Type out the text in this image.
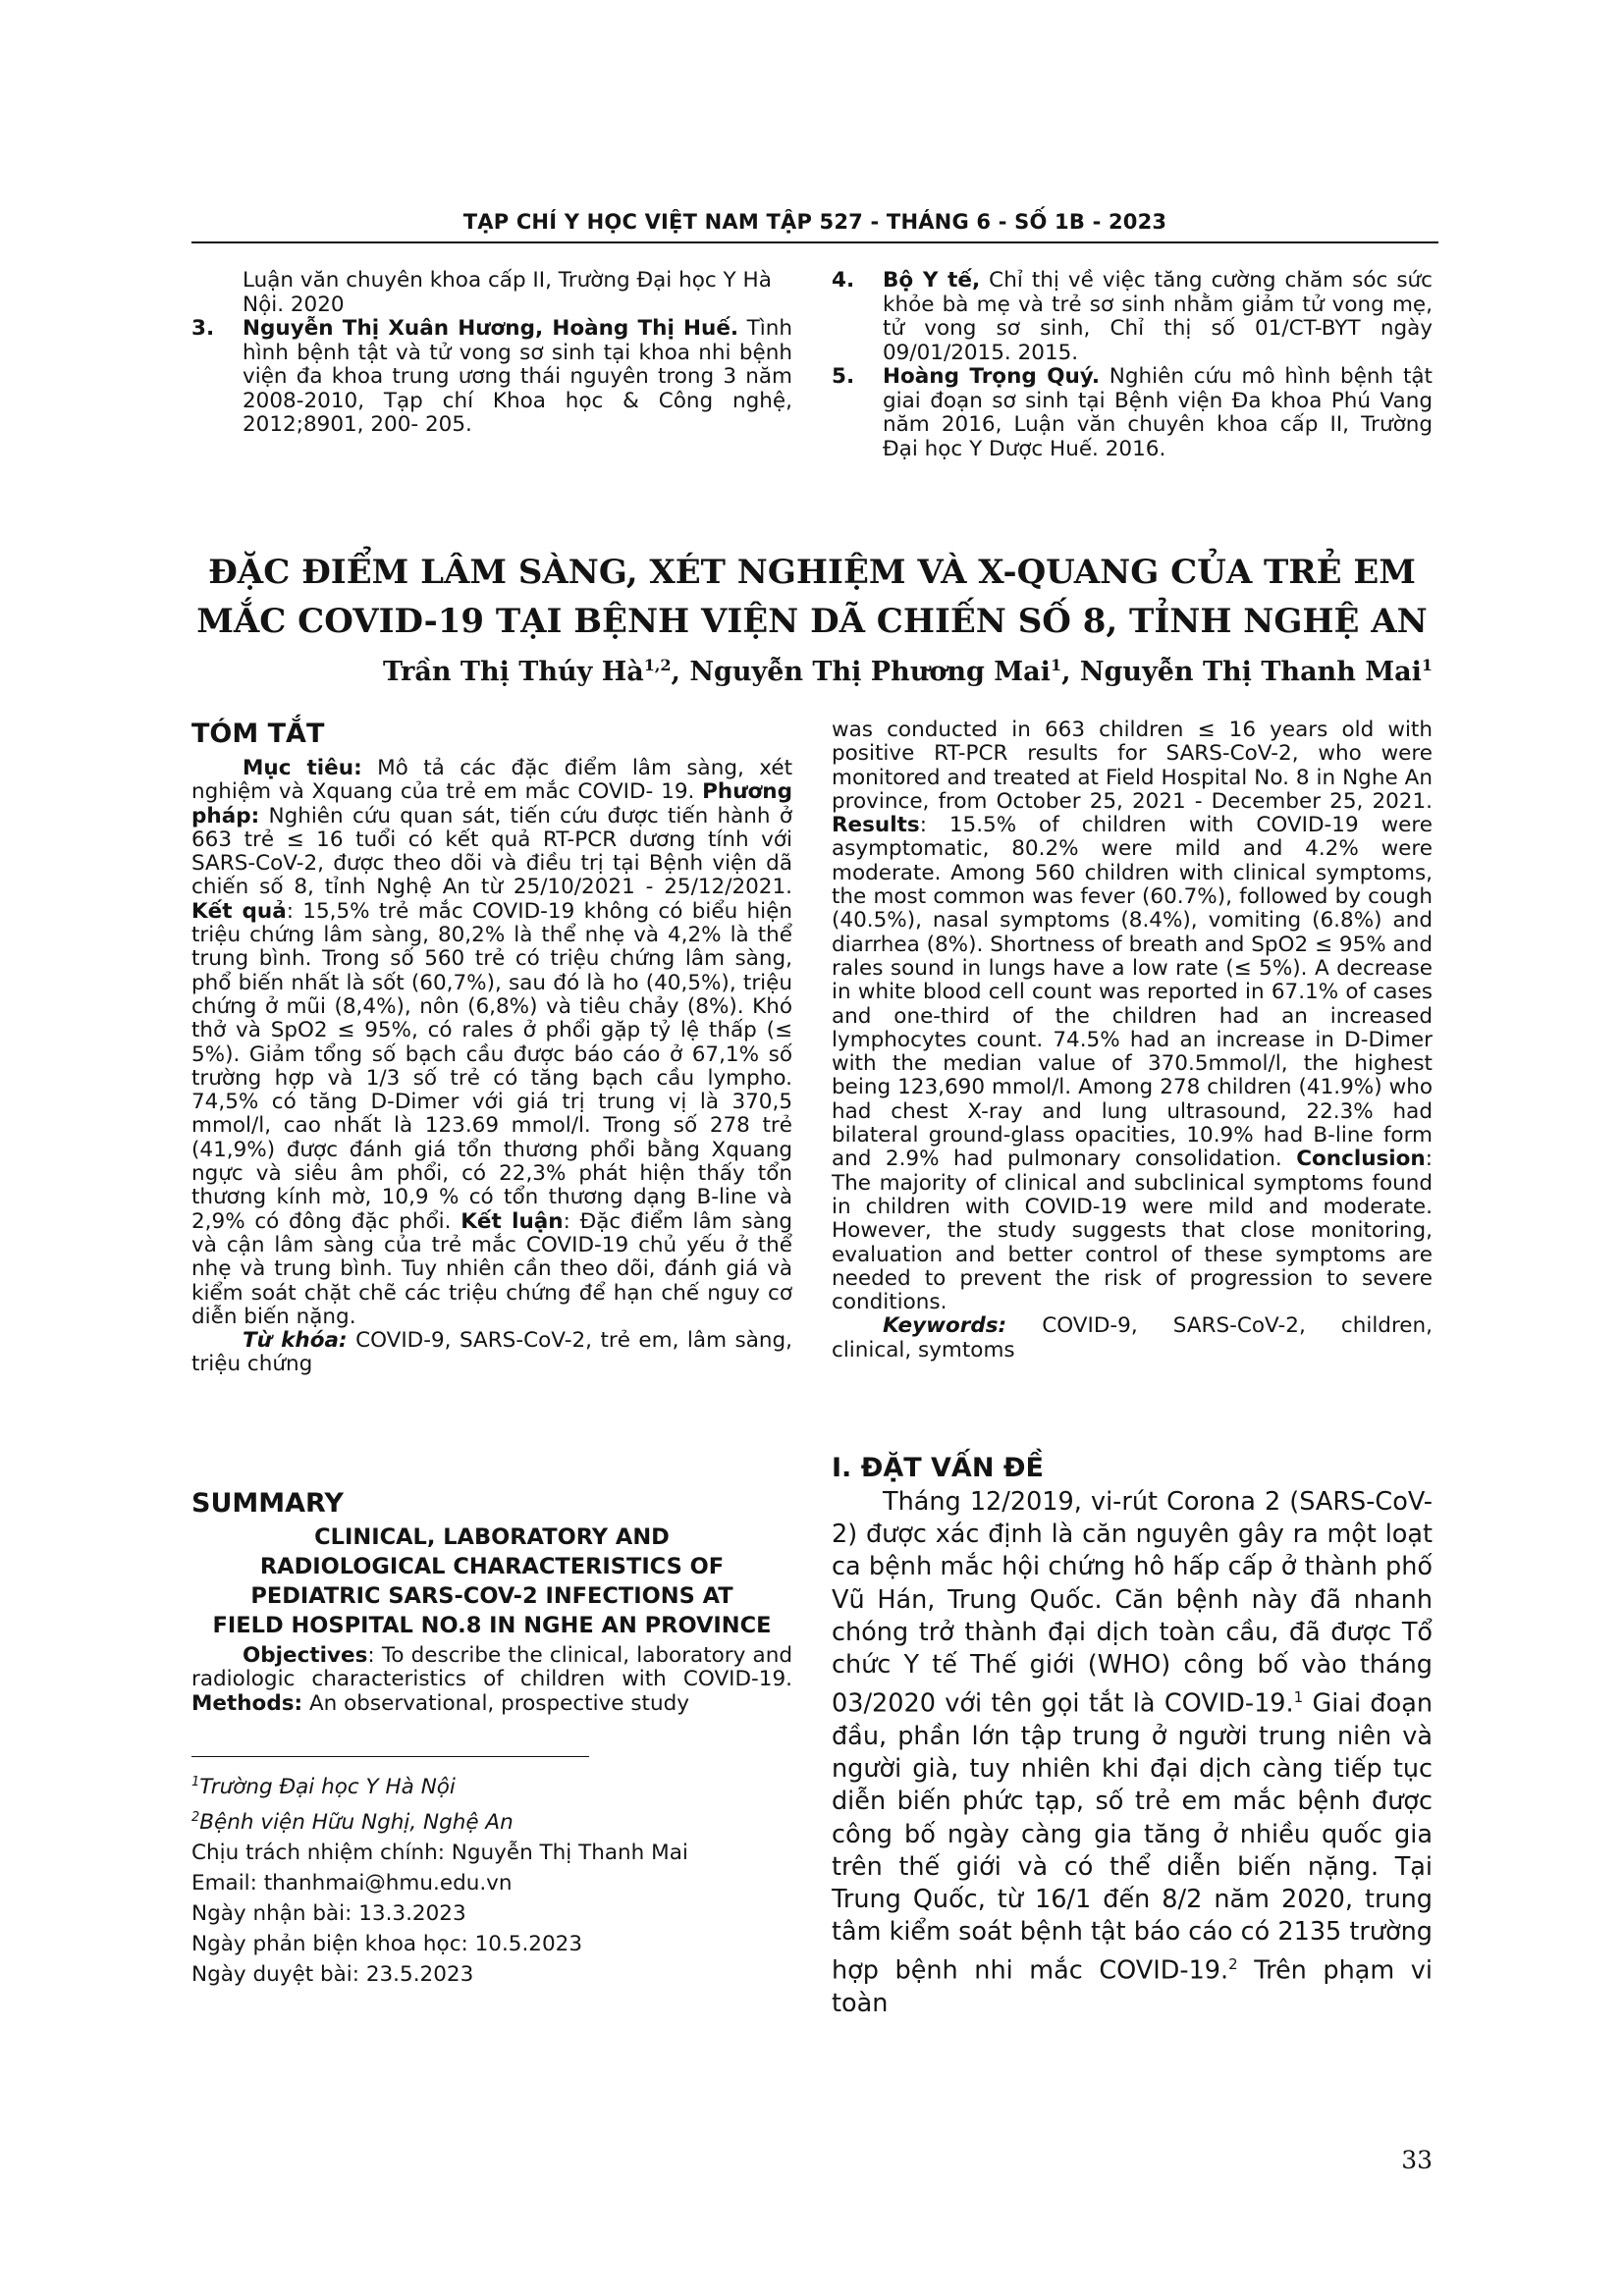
TẠP CHÍ Y HỌC VIỆT NAM TẬP 527 - THÁNG 6 - SỐ 1B - 2023

Luận văn chuyên khoa cấp II, Trường Đại học Y Hà Nội. 2020

3. Nguyễn Thị Xuân Hương, Hoàng Thị Huế. Tình hình bệnh tật và tử vong sơ sinh tại khoa nhi bệnh viện đa khoa trung ương thái nguyên trong 3 năm 2008-2010, Tạp chí Khoa học & Công nghệ, 2012;8901, 200- 205.

4. Bộ Y tế, Chỉ thị về việc tăng cường chăm sóc sức khỏe bà mẹ và trẻ sơ sinh nhằm giảm tử vong mẹ, tử vong sơ sinh, Chỉ thị số 01/CT-BYT ngày 09/01/2015. 2015.

5. Hoàng Trọng Quý. Nghiên cứu mô hình bệnh tật giai đoạn sơ sinh tại Bệnh viện Đa khoa Phú Vang năm 2016, Luận văn chuyên khoa cấp II, Trường Đại học Y Dược Huế. 2016.

ĐẶC ĐIỂM LÂM SÀNG, XÉT NGHIỆM VÀ X-QUANG CỦA TRẺ EM
MẮC COVID-19 TẠI BỆNH VIỆN DÃ CHIẾN SỐ 8, TỈNH NGHỆ AN
Trần Thị Thúy Hà$^{1,2}$, Nguyễn Thị Phương Mai$^1$, Nguyễn Thị Thanh Mai$^1$
TÓM TẮT

Mục tiêu: Mô tả các đặc điểm lâm sàng, xét nghiệm và Xquang của trẻ em mắc COVID- 19. Phương pháp: Nghiên cứu quan sát, tiến cứu được tiến hành ở 663 trẻ ≤ 16 tuổi có kết quả RT-PCR dương tính với SARS-CoV-2, được theo dõi và điều trị tại Bệnh viện dã chiến số 8, tỉnh Nghệ An từ 25/10/2021 - 25/12/2021. Kết quả: 15,5% trẻ mắc COVID-19 không có biểu hiện triệu chứng lâm sàng, 80,2% là thể nhẹ và 4,2% là thể trung bình. Trong số 560 trẻ có triệu chứng lâm sàng, phổ biến nhất là sốt (60,7%), sau đó là ho (40,5%), triệu chứng ở mũi (8,4%), nôn (6,8%) và tiêu chảy (8%). Khó thở và SpO2 ≤ 95%, có rales ở phổi gặp tỷ lệ thấp (≤ 5%). Giảm tổng số bạch cầu được báo cáo ở 67,1% số trường hợp và 1/3 số trẻ có tăng bạch cầu lympho. 74,5% có tăng D-Dimer với giá trị trung vị là 370,5 mmol/l, cao nhất là 123.69 mmol/l. Trong số 278 trẻ (41,9%) được đánh giá tổn thương phổi bằng Xquang ngực và siêu âm phổi, có 22,3% phát hiện thấy tổn thương kính mờ, 10,9 % có tổn thương dạng B-line và 2,9% có đông đặc phổi. Kết luận: Đặc điểm lâm sàng và cận lâm sàng của trẻ mắc COVID-19 chủ yếu ở thể nhẹ và trung bình. Tuy nhiên cần theo dõi, đánh giá và kiểm soát chặt chẽ các triệu chứng để hạn chế nguy cơ diễn biến nặng.

Từ khóa: COVID-9, SARS-CoV-2, trẻ em, lâm sàng, triệu chứng

SUMMARY
CLINICAL, LABORATORY AND
RADIOLOGICAL CHARACTERISTICS OF
PEDIATRIC SARS-COV-2 INFECTIONS AT
FIELD HOSPITAL NO.8 IN NGHE AN PROVINCE

Objectives: To describe the clinical, laboratory and radiologic characteristics of children with COVID-19. Methods: An observational, prospective study

$^1$Trường Đại học Y Hà Nội

$^2$Bệnh viện Hữu Nghị, Nghệ An

Chịu trách nhiệm chính: Nguyễn Thị Thanh Mai

Email: thanhmai@hmu.edu.vn

Ngày nhận bài: 13.3.2023

Ngày phản biện khoa học: 10.5.2023

Ngày duyệt bài: 23.5.2023

was conducted in 663 children ≤ 16 years old with positive RT-PCR results for SARS-CoV-2, who were monitored and treated at Field Hospital No. 8 in Nghe An province, from October 25, 2021 - December 25, 2021. Results: 15.5% of children with COVID-19 were asymptomatic, 80.2% were mild and 4.2% were moderate. Among 560 children with clinical symptoms, the most common was fever (60.7%), followed by cough (40.5%), nasal symptoms (8.4%), vomiting (6.8%) and diarrhea (8%). Shortness of breath and SpO2 ≤ 95% and rales sound in lungs have a low rate (≤ 5%). A decrease in white blood cell count was reported in 67.1% of cases and one-third of the children had an increased lymphocytes count. 74.5% had an increase in D-Dimer with the median value of 370.5mmol/l, the highest being 123,690 mmol/l. Among 278 children (41.9%) who had chest X-ray and lung ultrasound, 22.3% had bilateral ground-glass opacities, 10.9% had B-line form and 2.9% had pulmonary consolidation. Conclusion: The majority of clinical and subclinical symptoms found in children with COVID-19 were mild and moderate. However, the study suggests that close monitoring, evaluation and better control of these symptoms are needed to prevent the risk of progression to severe conditions.

Keywords: COVID-9, SARS-CoV-2, children, clinical, symtoms

I. ĐẶT VẤN ĐỀ

Tháng 12/2019, vi-rút Corona 2 (SARS-CoV-2) được xác định là căn nguyên gây ra một loạt ca bệnh mắc hội chứng hô hấp cấp ở thành phố Vũ Hán, Trung Quốc. Căn bệnh này đã nhanh chóng trở thành đại dịch toàn cầu, đã được Tổ chức Y tế Thế giới (WHO) công bố vào tháng 03/2020 với tên gọi tắt là COVID-19.$^1$ Giai đoạn đầu, phần lớn tập trung ở người trung niên và người già, tuy nhiên khi đại dịch càng tiếp tục diễn biến phức tạp, số trẻ em mắc bệnh được công bố ngày càng gia tăng ở nhiều quốc gia trên thế giới và có thể diễn biến nặng. Tại Trung Quốc, từ 16/1 đến 8/2 năm 2020, trung tâm kiểm soát bệnh tật báo cáo có 2135 trường hợp bệnh nhi mắc COVID-19.$^2$ Trên phạm vi toàn

33
